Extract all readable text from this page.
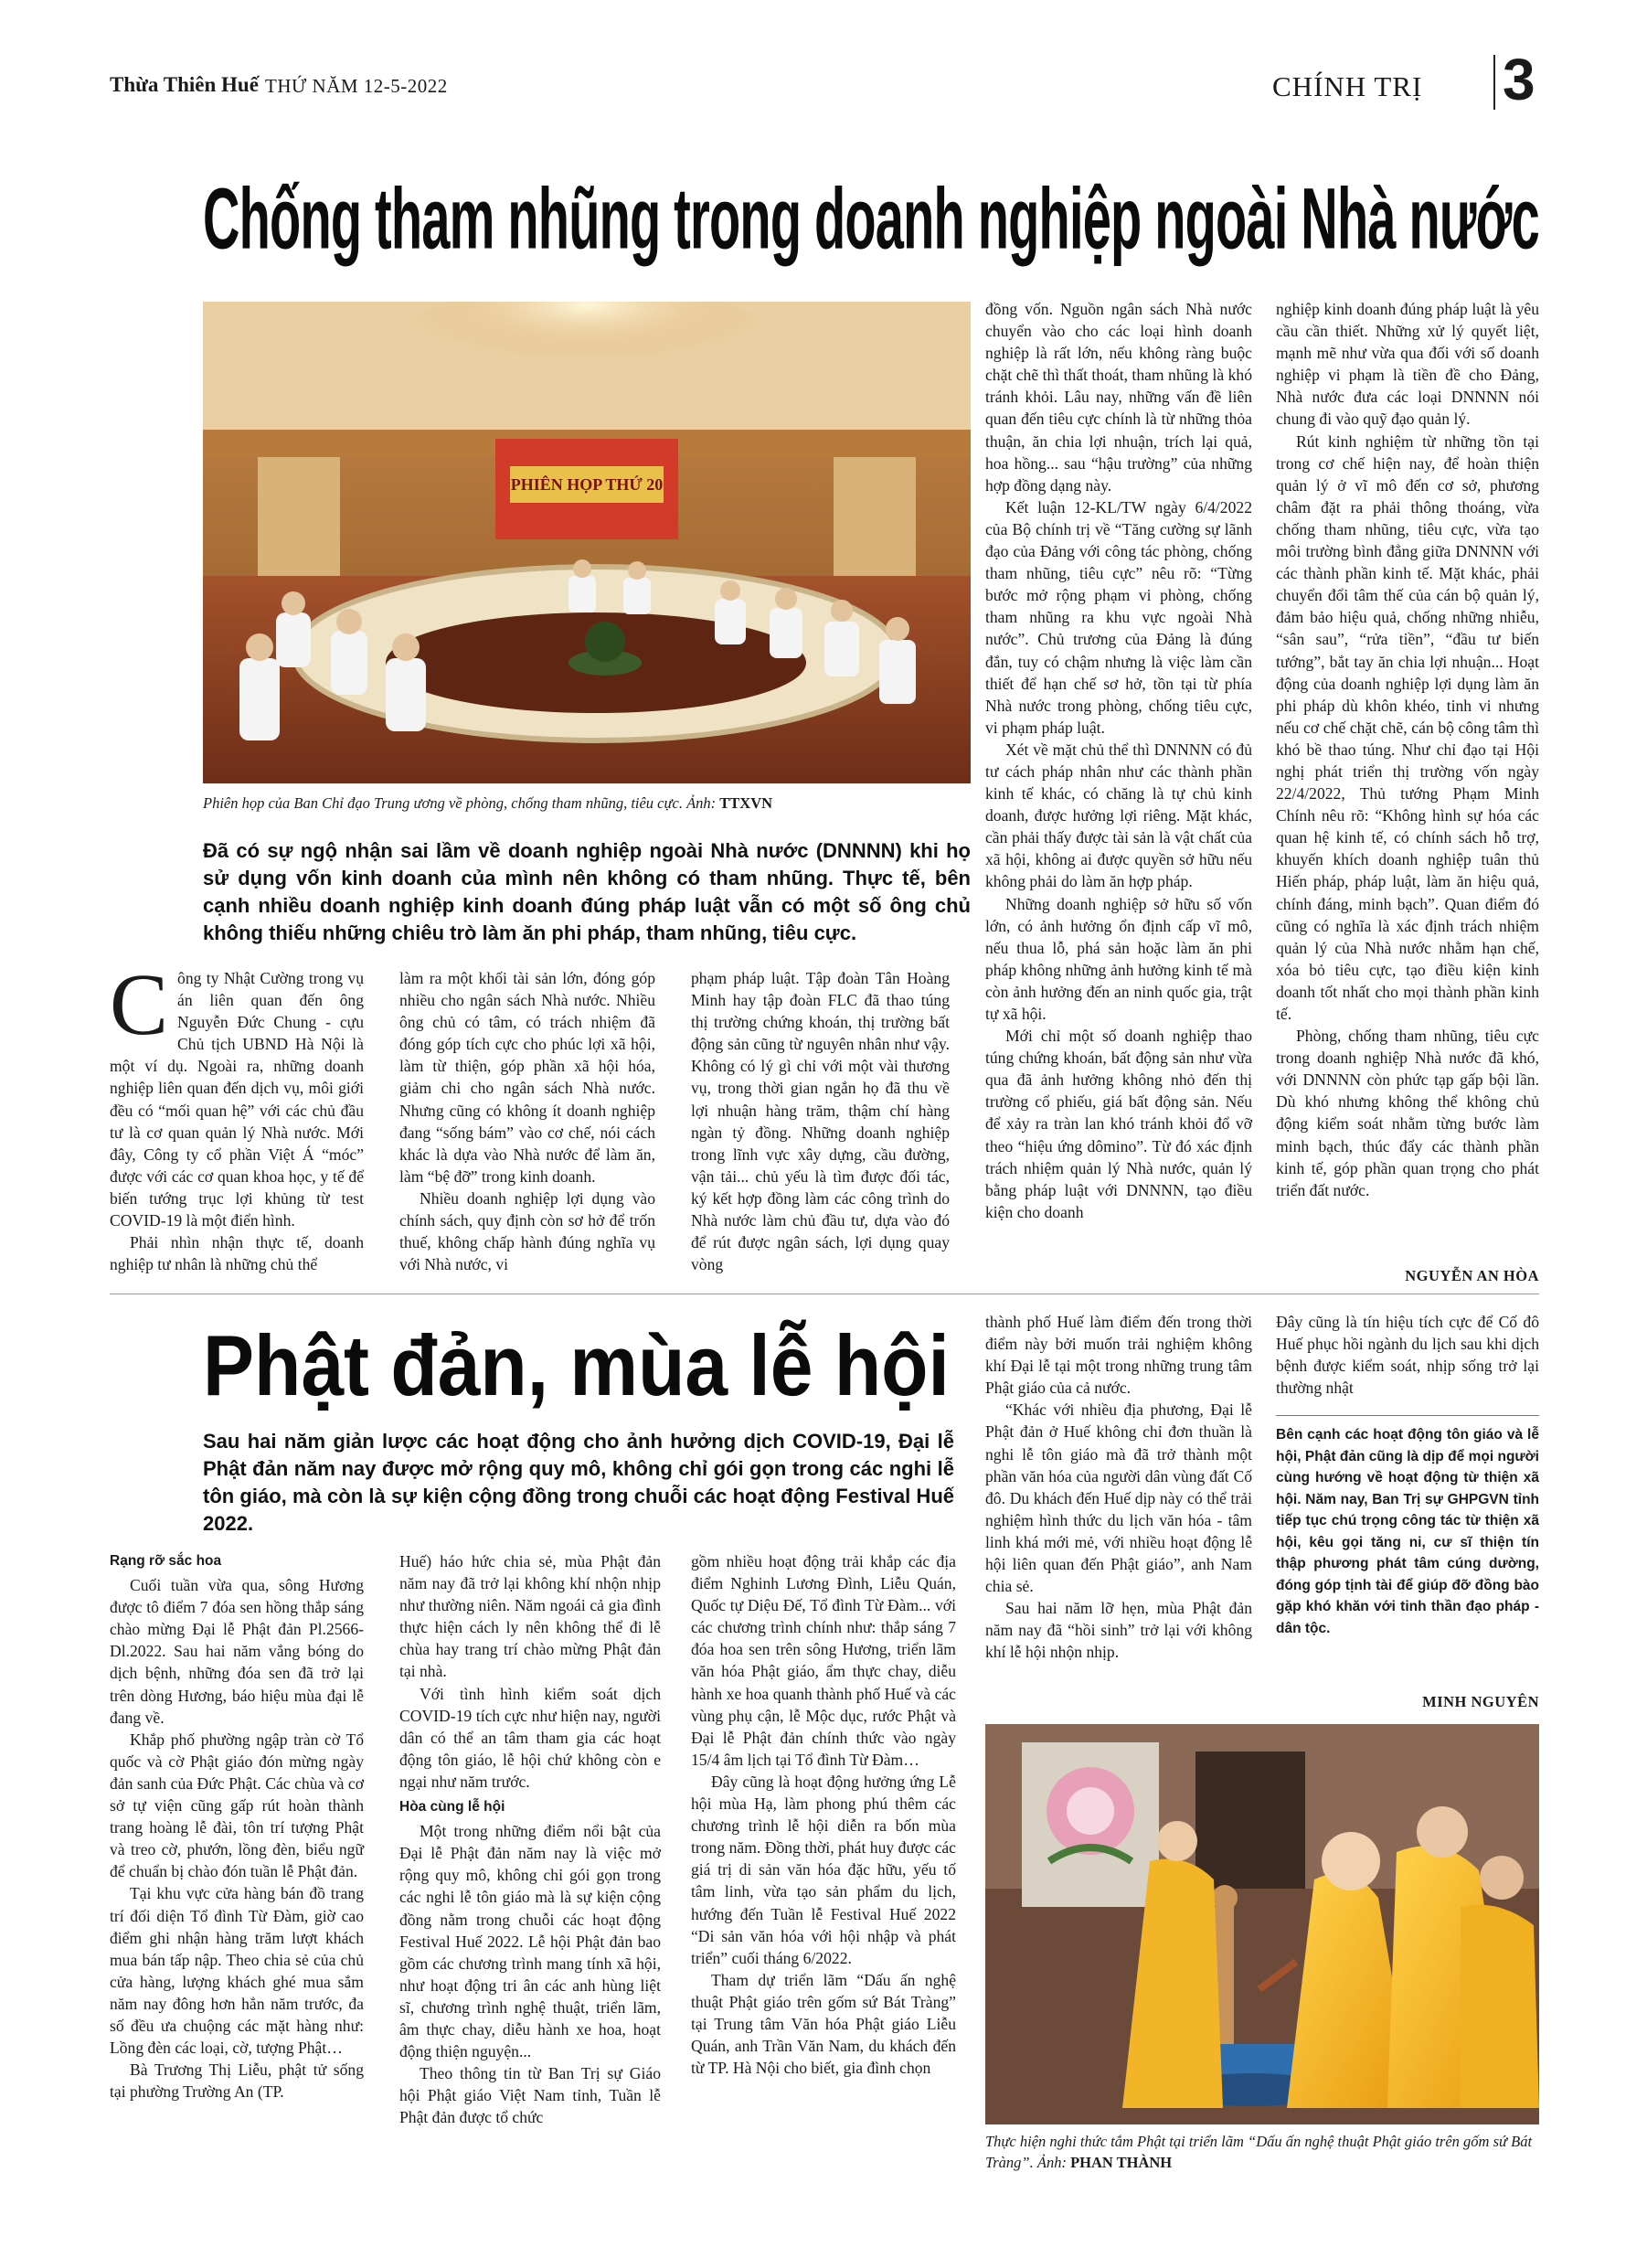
Thừa Thiên Huế THỨ NĂM 12-5-2022	CHÍNH TRỊ 3
Chống tham nhũng trong doanh nghiệp ngoài Nhà nước
PHIÊN HỌP THỨ 20
Phiên họp của Ban Chỉ đạo Trung ương về phòng, chống tham nhũng, tiêu cực. Ảnh: TTXVN
Đã có sự ngộ nhận sai lầm về doanh nghiệp ngoài Nhà nước (DNNNN) khi họ sử dụng vốn kinh doanh của mình nên không có tham nhũng. Thực tế, bên cạnh nhiều doanh nghiệp kinh doanh đúng pháp luật vẫn có một số ông chủ không thiếu những chiêu trò làm ăn phi pháp, tham nhũng, tiêu cực.
C ông ty Nhật Cường trong vụ án liên quan đến ông Nguyễn Đức Chung - cựu Chủ tịch UBND Hà Nội là một ví dụ. Ngoài ra, những doanh nghiệp liên quan đến dịch vụ, môi giới đều có “mối quan hệ” với các chủ đầu tư là cơ quan quản lý Nhà nước. Mới đây, Công ty cổ phần Việt Á “móc” được với các cơ quan khoa học, y tế để biến tướng trục lợi khủng từ test COVID-19 là một điển hình.

Phải nhìn nhận thực tế, doanh nghiệp tư nhân là những chủ thể

làm ra một khối tài sản lớn, đóng góp nhiều cho ngân sách Nhà nước. Nhiều ông chủ có tâm, có trách nhiệm đã đóng góp tích cực cho phúc lợi xã hội, làm từ thiện, góp phần xã hội hóa, giảm chi cho ngân sách Nhà nước. Nhưng cũng có không ít doanh nghiệp đang “sống bám” vào cơ chế, nói cách khác là dựa vào Nhà nước để làm ăn, làm “bệ đỡ” trong kinh doanh.

Nhiều doanh nghiệp lợi dụng vào chính sách, quy định còn sơ hở để trốn thuế, không chấp hành đúng nghĩa vụ với Nhà nước, vi

phạm pháp luật. Tập đoàn Tân Hoàng Minh hay tập đoàn FLC đã thao túng thị trường chứng khoán, thị trường bất động sản cũng từ nguyên nhân như vậy. Không có lý gì chỉ với một vài thương vụ, trong thời gian ngắn họ đã thu về lợi nhuận hàng trăm, thậm chí hàng ngàn tỷ đồng. Những doanh nghiệp trong lĩnh vực xây dựng, cầu đường, vận tải... chủ yếu là tìm được đối tác, ký kết hợp đồng làm các công trình do Nhà nước làm chủ đầu tư, dựa vào đó để rút được ngân sách, lợi dụng quay vòng

đồng vốn. Nguồn ngân sách Nhà nước chuyển vào cho các loại hình doanh nghiệp là rất lớn, nếu không ràng buộc chặt chẽ thì thất thoát, tham nhũng là khó tránh khỏi. Lâu nay, những vấn đề liên quan đến tiêu cực chính là từ những thỏa thuận, ăn chia lợi nhuận, trích lại quả, hoa hồng... sau “hậu trường” của những hợp đồng dạng này.

Kết luận 12-KL/TW ngày 6/4/2022 của Bộ chính trị về “Tăng cường sự lãnh đạo của Đảng với công tác phòng, chống tham nhũng, tiêu cực” nêu rõ: “Từng bước mở rộng phạm vi phòng, chống tham nhũng ra khu vực ngoài Nhà nước”. Chủ trương của Đảng là đúng đắn, tuy có chậm nhưng là việc làm cần thiết để hạn chế sơ hở, tồn tại từ phía Nhà nước trong phòng, chống tiêu cực, vi phạm pháp luật.

Xét về mặt chủ thể thì DNNNN có đủ tư cách pháp nhân như các thành phần kinh tế khác, có chăng là tự chủ kinh doanh, được hưởng lợi riêng. Mặt khác, cần phải thấy được tài sản là vật chất của xã hội, không ai được quyền sở hữu nếu không phải do làm ăn hợp pháp.

Những doanh nghiệp sở hữu số vốn lớn, có ảnh hưởng ổn định cấp vĩ mô, nếu thua lỗ, phá sản hoặc làm ăn phi pháp không những ảnh hưởng kinh tế mà còn ảnh hưởng đến an ninh quốc gia, trật tự xã hội.

Mới chỉ một số doanh nghiệp thao túng chứng khoán, bất động sản như vừa qua đã ảnh hưởng không nhỏ đến thị trường cổ phiếu, giá bất động sản. Nếu để xảy ra tràn lan khó tránh khỏi đổ vỡ theo “hiệu ứng dômino”. Từ đó xác định trách nhiệm quản lý Nhà nước, quản lý bằng pháp luật với DNNNN, tạo điều kiện cho doanh

nghiệp kinh doanh đúng pháp luật là yêu cầu cần thiết. Những xử lý quyết liệt, mạnh mẽ như vừa qua đối với số doanh nghiệp vi phạm là tiền đề cho Đảng, Nhà nước đưa các loại DNNNN nói chung đi vào quỹ đạo quản lý.

Rút kinh nghiệm từ những tồn tại trong cơ chế hiện nay, để hoàn thiện quản lý ở vĩ mô đến cơ sở, phương châm đặt ra phải thông thoáng, vừa chống tham nhũng, tiêu cực, vừa tạo môi trường bình đẳng giữa DNNNN với các thành phần kinh tế. Mặt khác, phải chuyển đổi tâm thế của cán bộ quản lý, đảm bảo hiệu quả, chống những nhiễu, “sân sau”, “rửa tiền”, “đầu tư biến tướng”, bắt tay ăn chia lợi nhuận... Hoạt động của doanh nghiệp lợi dụng làm ăn phi pháp dù khôn khéo, tinh vi nhưng nếu cơ chế chặt chẽ, cán bộ công tâm thì khó bề thao túng. Như chỉ đạo tại Hội nghị phát triển thị trường vốn ngày 22/4/2022, Thủ tướng Phạm Minh Chính nêu rõ: “Không hình sự hóa các quan hệ kinh tế, có chính sách hỗ trợ, khuyến khích doanh nghiệp tuân thủ Hiến pháp, pháp luật, làm ăn hiệu quả, chính đáng, minh bạch”. Quan điểm đó cũng có nghĩa là xác định trách nhiệm quản lý của Nhà nước nhằm hạn chế, xóa bỏ tiêu cực, tạo điều kiện kinh doanh tốt nhất cho mọi thành phần kinh tế.

Phòng, chống tham nhũng, tiêu cực trong doanh nghiệp Nhà nước đã khó, với DNNNN còn phức tạp gấp bội lần. Dù khó nhưng không thể không chủ động kiểm soát nhằm từng bước làm minh bạch, thúc đẩy các thành phần kinh tế, góp phần quan trọng cho phát triển đất nước.

NGUYỄN AN HÒA
Phật đản, mùa lễ hội
Sau hai năm giản lược các hoạt động cho ảnh hưởng dịch COVID-19, Đại lễ Phật đản năm nay được mở rộng quy mô, không chỉ gói gọn trong các nghi lễ tôn giáo, mà còn là sự kiện cộng đồng trong chuỗi các hoạt động Festival Huế 2022.
Rạng rỡ sắc hoa

Cuối tuần vừa qua, sông Hương được tô điểm 7 đóa sen hồng thắp sáng chào mừng Đại lễ Phật đản Pl.2566-Dl.2022. Sau hai năm vắng bóng do dịch bệnh, những đóa sen đã trở lại trên dòng Hương, báo hiệu mùa đại lễ đang về.

Khắp phố phường ngập tràn cờ Tổ quốc và cờ Phật giáo đón mừng ngày đản sanh của Đức Phật. Các chùa và cơ sở tự viện cũng gấp rút hoàn thành trang hoàng lễ đài, tôn trí tượng Phật và treo cờ, phướn, lồng đèn, biểu ngữ để chuẩn bị chào đón tuần lễ Phật đản.

Tại khu vực cửa hàng bán đồ trang trí đối diện Tổ đình Từ Đàm, giờ cao điểm ghi nhận hàng trăm lượt khách mua bán tấp nập. Theo chia sẻ của chủ cửa hàng, lượng khách ghé mua sắm năm nay đông hơn hẳn năm trước, đa số đều ưa chuộng các mặt hàng như: Lồng đèn các loại, cờ, tượng Phật…

Bà Trương Thị Liễu, phật tử sống tại phường Trường An (TP.

Huế) háo hức chia sẻ, mùa Phật đản năm nay đã trở lại không khí nhộn nhịp như thường niên. Năm ngoái cả gia đình thực hiện cách ly nên không thể đi lễ chùa hay trang trí chào mừng Phật đản tại nhà.

Với tình hình kiểm soát dịch COVID-19 tích cực như hiện nay, người dân có thể an tâm tham gia các hoạt động tôn giáo, lễ hội chứ không còn e ngại như năm trước.

Hòa cùng lễ hội

Một trong những điểm nổi bật của Đại lễ Phật đản năm nay là việc mở rộng quy mô, không chỉ gói gọn trong các nghi lễ tôn giáo mà là sự kiện cộng đồng nằm trong chuỗi các hoạt động Festival Huế 2022. Lễ hội Phật đản bao gồm các chương trình mang tính xã hội, như hoạt động tri ân các anh hùng liệt sĩ, chương trình nghệ thuật, triển lãm, âm thực chay, diễu hành xe hoa, hoạt động thiện nguyện...

Theo thông tin từ Ban Trị sự Giáo hội Phật giáo Việt Nam tỉnh, Tuần lễ Phật đản được tổ chức

gồm nhiều hoạt động trải khắp các địa điểm Nghinh Lương Đình, Liễu Quán, Quốc tự Diệu Đế, Tổ đình Từ Đàm... với các chương trình chính như: thắp sáng 7 đóa hoa sen trên sông Hương, triển lãm văn hóa Phật giáo, ẩm thực chay, diễu hành xe hoa quanh thành phố Huế và các vùng phụ cận, lễ Mộc dục, rước Phật và Đại lễ Phật đản chính thức vào ngày 15/4 âm lịch tại Tổ đình Từ Đàm…

Đây cũng là hoạt động hưởng ứng Lễ hội mùa Hạ, làm phong phú thêm các chương trình lễ hội diễn ra bốn mùa trong năm. Đồng thời, phát huy được các giá trị di sản văn hóa đặc hữu, yếu tố tâm linh, vừa tạo sản phẩm du lịch, hướng đến Tuần lễ Festival Huế 2022 “Di sản văn hóa với hội nhập và phát triển” cuối tháng 6/2022.

Tham dự triển lãm “Dấu ấn nghệ thuật Phật giáo trên gốm sứ Bát Tràng” tại Trung tâm Văn hóa Phật giáo Liễu Quán, anh Trần Văn Nam, du khách đến từ TP. Hà Nội cho biết, gia đình chọn

thành phố Huế làm điểm đến trong thời điểm này bởi muốn trải nghiệm không khí Đại lễ tại một trong những trung tâm Phật giáo của cả nước.

“Khác với nhiều địa phương, Đại lễ Phật đản ở Huế không chỉ đơn thuần là nghi lễ tôn giáo mà đã trở thành một phần văn hóa của người dân vùng đất Cố đô. Du khách đến Huế dịp này có thể trải nghiệm hình thức du lịch văn hóa - tâm linh khá mới mẻ, với nhiều hoạt động lễ hội liên quan đến Phật giáo”, anh Nam chia sẻ.

Sau hai năm lỡ hẹn, mùa Phật đản năm nay đã “hồi sinh” trở lại với không khí lễ hội nhộn nhịp.

Đây cũng là tín hiệu tích cực để Cố đô Huế phục hồi ngành du lịch sau khi dịch bệnh được kiểm soát, nhịp sống trở lại thường nhật

Bên cạnh các hoạt động tôn giáo và lễ hội, Phật đản cũng là dịp để mọi người cùng hướng về hoạt động từ thiện xã hội. Năm nay, Ban Trị sự GHPGVN tỉnh tiếp tục chú trọng công tác từ thiện xã hội, kêu gọi tăng ni, cư sĩ thiện tín thập phương phát tâm cúng dường, đóng góp tịnh tài để giúp đỡ đồng bào gặp khó khăn với tinh thần đạo pháp - dân tộc.
MINH NGUYÊN
Thực hiện nghi thức tắm Phật tại triển lãm “Dấu ấn nghệ thuật Phật giáo trên gốm sứ Bát Tràng”. Ảnh: PHAN THÀNH
